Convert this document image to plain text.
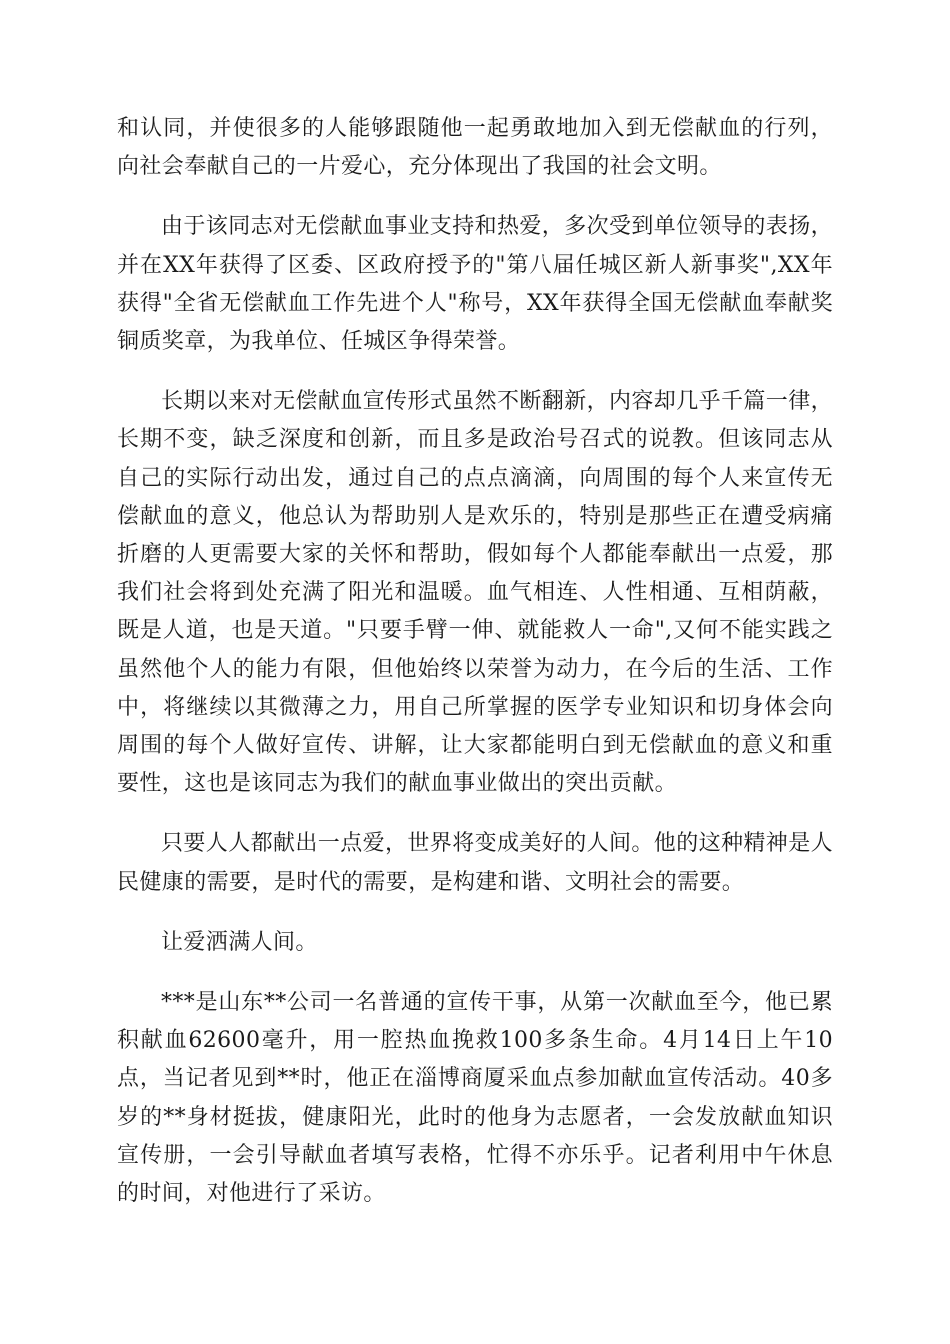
和认同，并使很多的人能够跟随他一起勇敢地加入到无偿献血的行列，向社会奉献自己的一片爱心，充分体现出了我国的社会文明。

由于该同志对无偿献血事业支持和热爱，多次受到单位领导的表扬，并在XX年获得了区委、区政府授予的"第八届任城区新人新事奖",XX年获得"全省无偿献血工作先进个人"称号，XX年获得全国无偿献血奉献奖铜质奖章，为我单位、任城区争得荣誉。

长期以来对无偿献血宣传形式虽然不断翻新，内容却几乎千篇一律，长期不变，缺乏深度和创新，而且多是政治号召式的说教。但该同志从自己的实际行动出发，通过自己的点点滴滴，向周围的每个人来宣传无偿献血的意义，他总认为帮助别人是欢乐的，特别是那些正在遭受病痛折磨的人更需要大家的关怀和帮助，假如每个人都能奉献出一点爱，那我们社会将到处充满了阳光和温暖。血气相连、人性相通、互相荫蔽，既是人道，也是天道。"只要手臂一伸、就能救人一命",又何不能实践之虽然他个人的能力有限，但他始终以荣誉为动力，在今后的生活、工作中，将继续以其微薄之力，用自己所掌握的医学专业知识和切身体会向周围的每个人做好宣传、讲解，让大家都能明白到无偿献血的意义和重要性，这也是该同志为我们的献血事业做出的突出贡献。

只要人人都献出一点爱，世界将变成美好的人间。他的这种精神是人民健康的需要，是时代的需要，是构建和谐、文明社会的需要。

让爱洒满人间。

***是山东**公司一名普通的宣传干事，从第一次献血至今，他已累积献血62600毫升，用一腔热血挽救100多条生命。4月14日上午10点，当记者见到**时，他正在淄博商厦采血点参加献血宣传活动。40多岁的**身材挺拔，健康阳光，此时的他身为志愿者，一会发放献血知识宣传册，一会引导献血者填写表格，忙得不亦乐乎。记者利用中午休息的时间，对他进行了采访。
